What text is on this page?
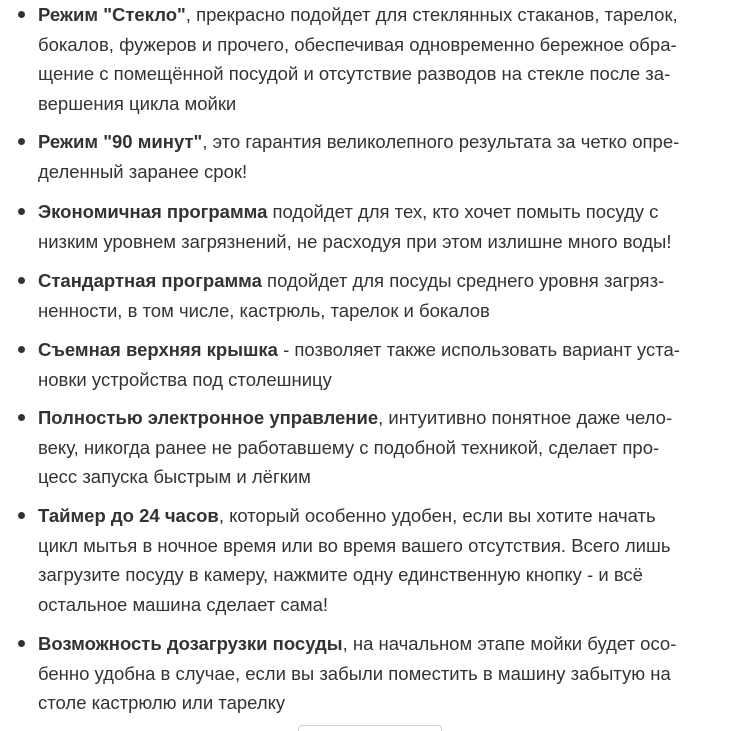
Режим "Стекло", прекрасно подойдет для стеклянных стаканов, тарелок,
бокалов, фужеров и прочего, обеспечивая одновременно бережное обра-
щение с помещённой посудой и отсутствие разводов на стекле после за-
вершения цикла мойки
Режим "90 минут", это гарантия великолепного результата за четко опре-
деленный заранее срок!
Экономичная программа подойдет для тех, кто хочет помыть посуду с
низким уровнем загрязнений, не расходуя при этом излишне много воды!
Стандартная программа подойдет для посуды среднего уровня загряз-
ненности, в том числе, кастрюль, тарелок и бокалов
Съемная верхняя крышка - позволяет также использовать вариант уста-
новки устройства под столешницу
Полностью электронное управление, интуитивно понятное даже чело-
веку, никогда ранее не работавшему с подобной техникой, сделает про-
цесс запуска быстрым и лёгким
Таймер до 24 часов, который особенно удобен, если вы хотите начать
цикл мытья в ночное время или во время вашего отсутствия. Всего лишь
загрузите посуду в камеру, нажмите одну единственную кнопку - и всё
остальное машина сделает сама!
Возможность дозагрузки посуды, на начальном этапе мойки будет осо-
бенно удобна в случае, если вы забыли поместить в машину забытую на
столе кастрюлю или тарелку
